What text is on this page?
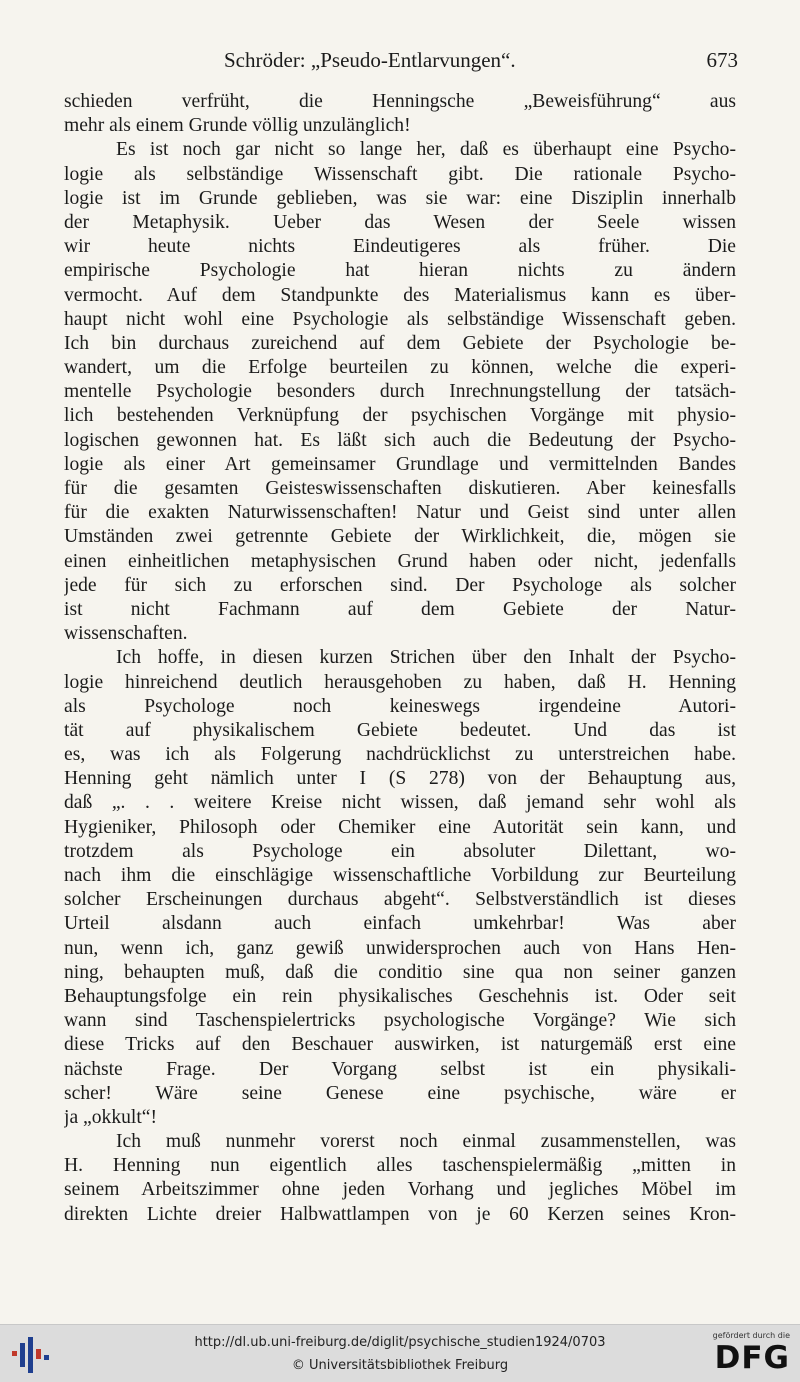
Schröder: „Pseudo-Entlarvungen“.	673
schieden verfrüht, die Henningsche „Beweisführung“ aus
mehr als einem Grunde völlig unzulänglich!
Es ist noch gar nicht so lange her, daß es überhaupt eine Psycho-
logie als selbständige Wissenschaft gibt. Die rationale Psycho-
logie ist im Grunde geblieben, was sie war: eine Disziplin innerhalb
der Metaphysik. Ueber das Wesen der Seele wissen
wir heute nichts Eindeutigeres als früher. Die
empirische Psychologie hat hieran nichts zu ändern
vermocht. Auf dem Standpunkte des Materialismus kann es über-
haupt nicht wohl eine Psychologie als selbständige Wissenschaft geben.
Ich bin durchaus zureichend auf dem Gebiete der Psychologie be-
wandert, um die Erfolge beurteilen zu können, welche die experi-
mentelle Psychologie besonders durch Inrechnungstellung der tatsäch-
lich bestehenden Verknüpfung der psychischen Vorgänge mit physio-
logischen gewonnen hat. Es läßt sich auch die Bedeutung der Psycho-
logie als einer Art gemeinsamer Grundlage und vermittelnden Bandes
für die gesamten Geisteswissenschaften diskutieren. Aber keinesfalls
für die exakten Naturwissenschaften! Natur und Geist sind unter allen
Umständen zwei getrennte Gebiete der Wirklichkeit, die, mögen sie
einen einheitlichen metaphysischen Grund haben oder nicht, jedenfalls
jede für sich zu erforschen sind. Der Psychologe als solcher
ist nicht Fachmann auf dem Gebiete der Natur-
wissenschaften.
Ich hoffe, in diesen kurzen Strichen über den Inhalt der Psycho-
logie hinreichend deutlich herausgehoben zu haben, daß H. Henning
als Psychologe noch keineswegs irgendeine Autori-
tät auf physikalischem Gebiete bedeutet. Und das ist
es, was ich als Folgerung nachdrücklichst zu unterstreichen habe.
Henning geht nämlich unter I (S 278) von der Behauptung aus,
daß „. . . weitere Kreise nicht wissen, daß jemand sehr wohl als
Hygieniker, Philosoph oder Chemiker eine Autorität sein kann, und
trotzdem als Psychologe ein absoluter Dilettant, wo-
nach ihm die einschlägige wissenschaftliche Vorbildung zur Beurteilung
solcher Erscheinungen durchaus abgeht“. Selbstverständlich ist dieses
Urteil alsdann auch einfach umkehrbar! Was aber
nun, wenn ich, ganz gewiß unwidersprochen auch von Hans Hen-
ning, behaupten muß, daß die conditio sine qua non seiner ganzen
Behauptungsfolge ein rein physikalisches Geschehnis ist. Oder seit
wann sind Taschenspielertricks psychologische Vorgänge? Wie sich
diese Tricks auf den Beschauer auswirken, ist naturgemäß erst eine
nächste Frage. Der Vorgang selbst ist ein physikali-
scher! Wäre seine Genese eine psychische, wäre er
ja „okkult“!
Ich muß nunmehr vorerst noch einmal zusammenstellen, was
H. Henning nun eigentlich alles taschenspielermäßig „mitten in
seinem Arbeitszimmer ohne jeden Vorhang und jegliches Möbel im
direkten Lichte dreier Halbwattlampen von je 60 Kerzen seines Kron-
http://dl.ub.uni-freiburg.de/diglit/psychische_studien1924/0703
© Universitätsbibliothek Freiburg
gefördert durch die
DFG
